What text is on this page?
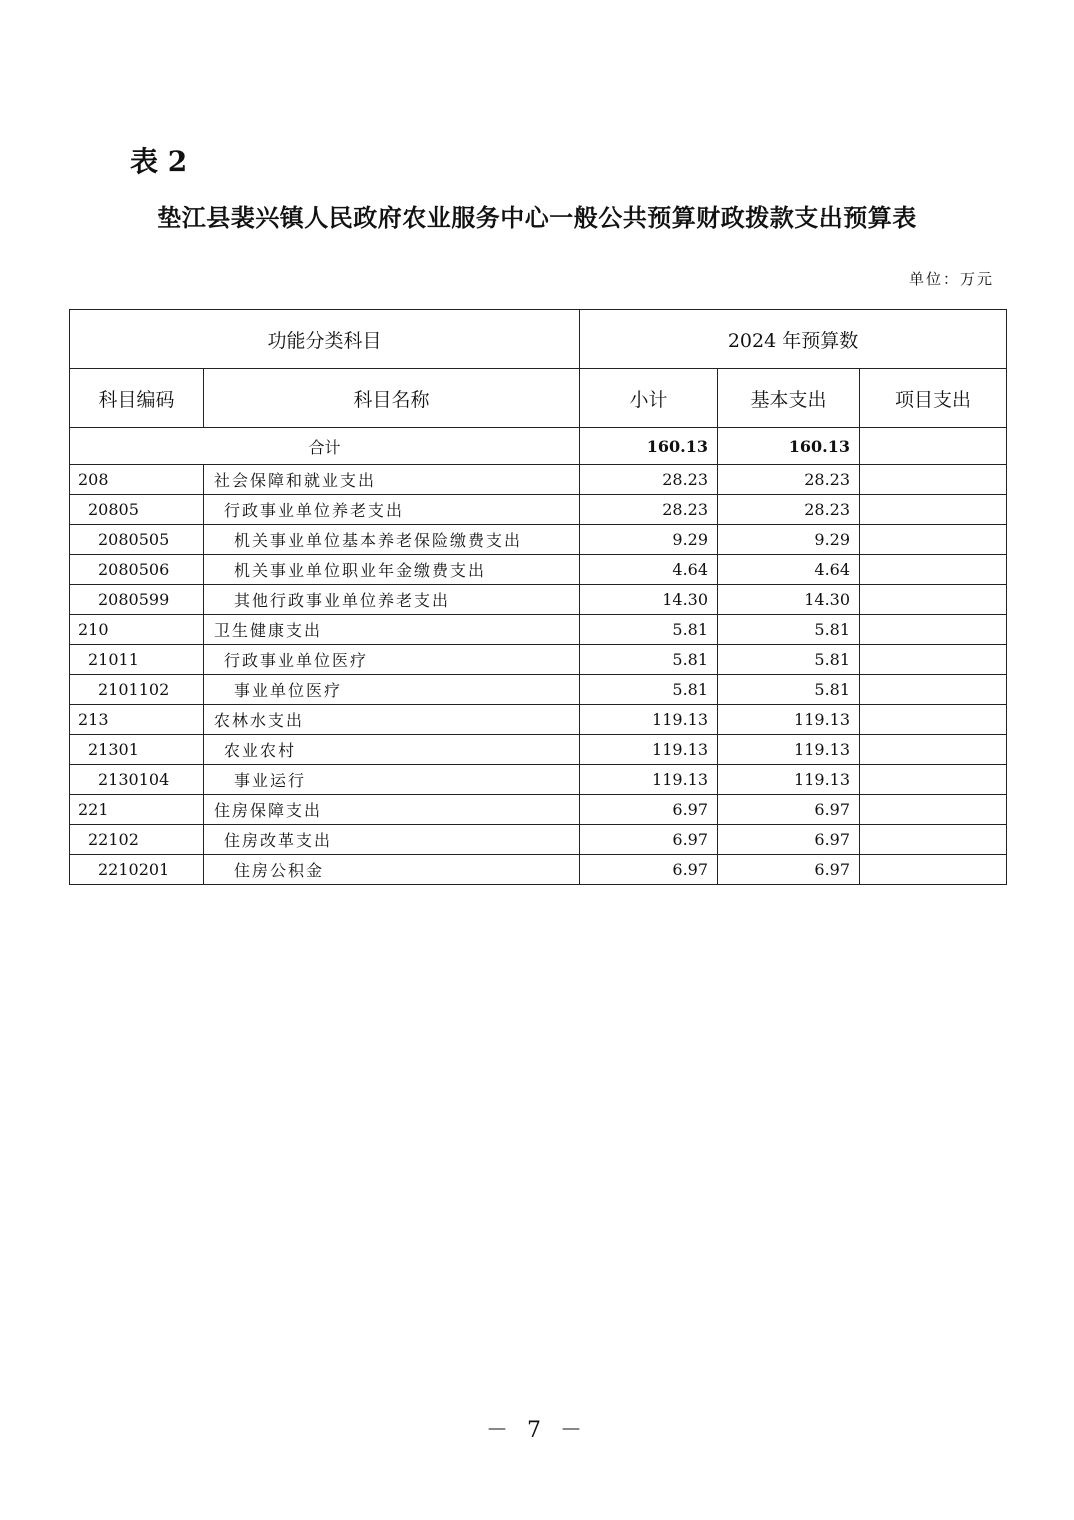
表 2
垫江县裴兴镇人民政府农业服务中心一般公共预算财政拨款支出预算表
单位：万元
功能分类科目		2024 年预算数		
科目编码	科目名称	小计	基本支出	项目支出
合计		160.13	160.13	
208	社会保障和就业支出	28.23	28.23	
20805	行政事业单位养老支出	28.23	28.23	
2080505	机关事业单位基本养老保险缴费支出	9.29	9.29	
2080506	机关事业单位职业年金缴费支出	4.64	4.64	
2080599	其他行政事业单位养老支出	14.30	14.30	
210	卫生健康支出	5.81	5.81	
21011	行政事业单位医疗	5.81	5.81	
2101102	事业单位医疗	5.81	5.81	
213	农林水支出	119.13	119.13	
21301	农业农村	119.13	119.13	
2130104	事业运行	119.13	119.13	
221	住房保障支出	6.97	6.97	
22102	住房改革支出	6.97	6.97	
2210201	住房公积金	6.97	6.97	
－ 7 －
